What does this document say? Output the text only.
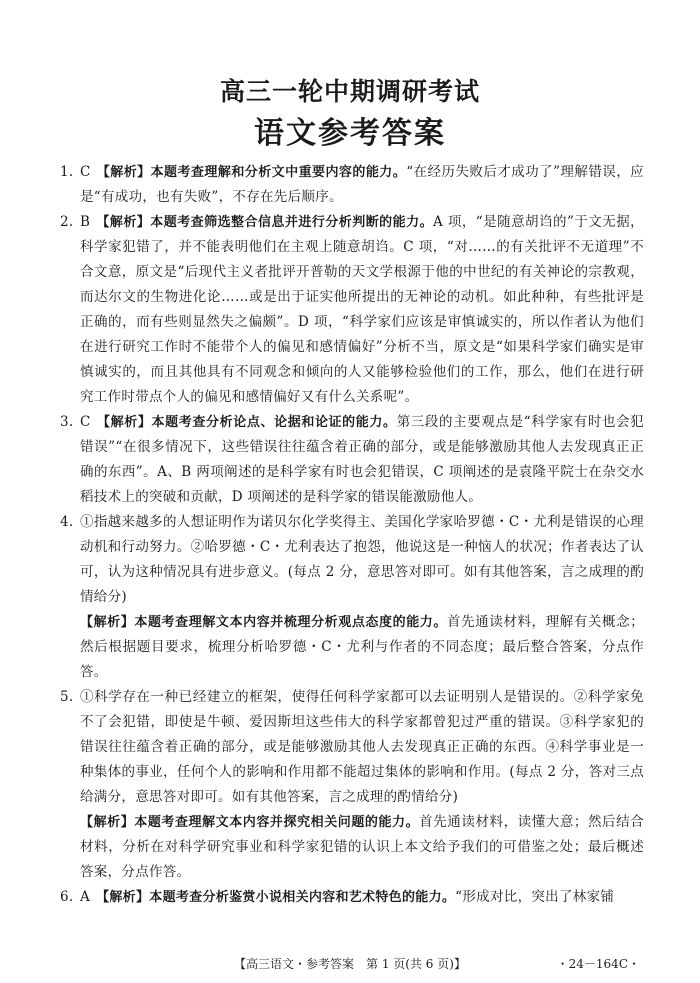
高三一轮中期调研考试
语文参考答案
1. C 【解析】本题考查理解和分析文中重要内容的能力。“在经历失败后才成功了”理解错误，应是“有成功，也有失败”，不存在先后顺序。
2. B 【解析】本题考查筛选整合信息并进行分析判断的能力。A 项，“是随意胡诌的”于文无据，科学家犯错了，并不能表明他们在主观上随意胡诌。C 项，“对……的有关批评不无道理”不合文意，原文是“后现代主义者批评开普勒的天文学根源于他的中世纪的有关神论的宗教观，而达尔文的生物进化论……或是出于证实他所提出的无神论的动机。如此种种，有些批评是正确的，而有些则显然失之偏颇”。D 项，“科学家们应该是审慎诚实的，所以作者认为他们在进行研究工作时不能带个人的偏见和感情偏好”分析不当，原文是“如果科学家们确实是审慎诚实的，而且其他具有不同观念和倾向的人又能够检验他们的工作，那么，他们在进行研究工作时带点个人的偏见和感情偏好又有什么关系呢”。
3. C 【解析】本题考查分析论点、论据和论证的能力。第三段的主要观点是“科学家有时也会犯错误”“在很多情况下，这些错误往往蕴含着正确的部分，或是能够激励其他人去发现真正正确的东西”。A、B 两项阐述的是科学家有时也会犯错误，C 项阐述的是袁隆平院士在杂交水稻技术上的突破和贡献，D 项阐述的是科学家的错误能激励他人。
4. ①指越来越多的人想证明作为诺贝尔化学奖得主、美国化学家哈罗德・C・尤利是错误的心理动机和行动努力。②哈罗德・C・尤利表达了抱怨，他说这是一种恼人的状况；作者表达了认可，认为这种情况具有进步意义。(每点 2 分，意思答对即可。如有其他答案，言之成理的酌情给分)

【解析】本题考查理解文本内容并梳理分析观点态度的能力。首先通读材料，理解有关概念；然后根据题目要求，梳理分析哈罗德・C・尤利与作者的不同态度；最后整合答案，分点作答。

5. ①科学存在一种已经建立的框架，使得任何科学家都可以去证明别人是错误的。②科学家免不了会犯错，即使是牛顿、爱因斯坦这些伟大的科学家都曾犯过严重的错误。③科学家犯的错误往往蕴含着正确的部分，或是能够激励其他人去发现真正正确的东西。④科学事业是一种集体的事业，任何个人的影响和作用都不能超过集体的影响和作用。(每点 2 分，答对三点给满分，意思答对即可。如有其他答案，言之成理的酌情给分)

【解析】本题考查理解文本内容并探究相关问题的能力。首先通读材料，读懂大意；然后结合材料，分析在对科学研究事业和科学家犯错的认识上本文给予我们的可借鉴之处；最后概述答案，分点作答。

6. A 【解析】本题考查分析鉴赏小说相关内容和艺术特色的能力。“形成对比，突出了林家铺
【高三语文・参考答案　第 1 页(共 6 页)】	・24－164C・
